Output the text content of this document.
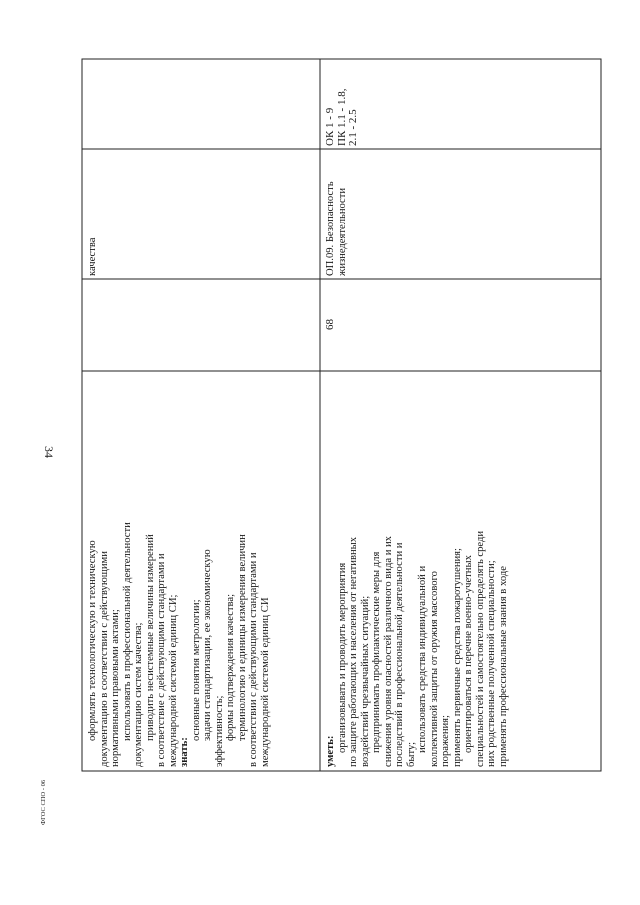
34
ФГОС СПО - 06
оформлять технологическую и техническую документацию в соответствии с действующими нормативными правовыми актами; использовать в профессиональной деятельности документацию систем качества; приводить несистемные величины измерений в соответствие с действующими стандартами и международной системой единиц СИ; знать:
основные понятия метрологии; задачи стандартизации, ее экономическую эффективность; формы подтверждения качества; терминологию и единицы измерения величин в соответствии с действующими стандартами и международной системой единиц СИ
качества
уметь: организовывать и проводить мероприятия по защите работающих и населения от негативных воздействий чрезвычайных ситуаций; предпринимать профилактические меры для снижения уровня опасностей различного вида и их последствий в профессиональной деятельности и быту;
использовать средства индивидуальной и коллективной защиты от оружия массового поражения; применять первичные средства пожаротушения; ориентироваться в перечне военно-учетных специальностей и самостоятельно определять среди них родственные полученной специальности; применять профессиональные знания в ходе
68
ОП.09. Безопасность жизнедеятельности
ОК 1 - 9 ПК 1.1 - 1.8, 2.1 - 2.5
